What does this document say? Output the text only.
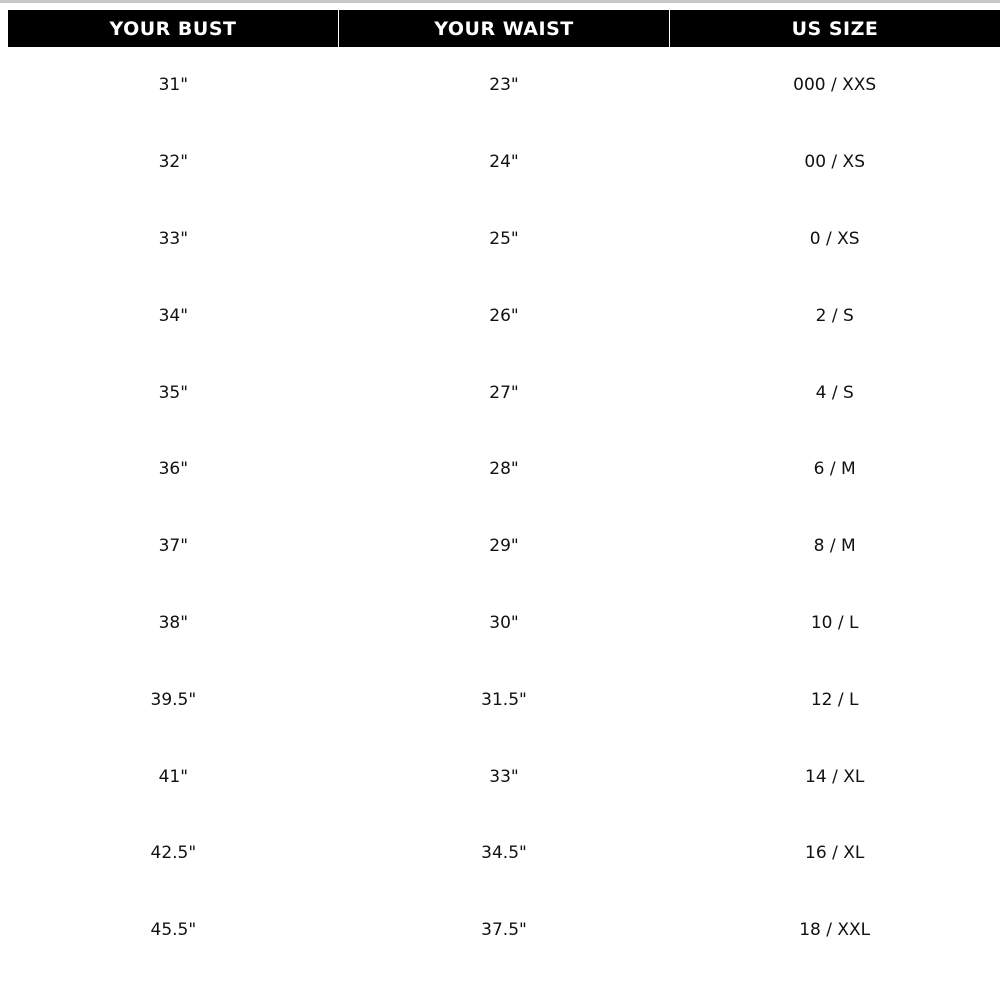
YOUR BUST	YOUR WAIST	US SIZE
31"	23"	000 / XXS
32"	24"	00 / XS
33"	25"	0 / XS
34"	26"	2 / S
35"	27"	4 / S
36"	28"	6 / M
37"	29"	8 / M
38"	30"	10 / L
39.5"	31.5"	12 / L
41"	33"	14 / XL
42.5"	34.5"	16 / XL
45.5"	37.5"	18 / XXL
